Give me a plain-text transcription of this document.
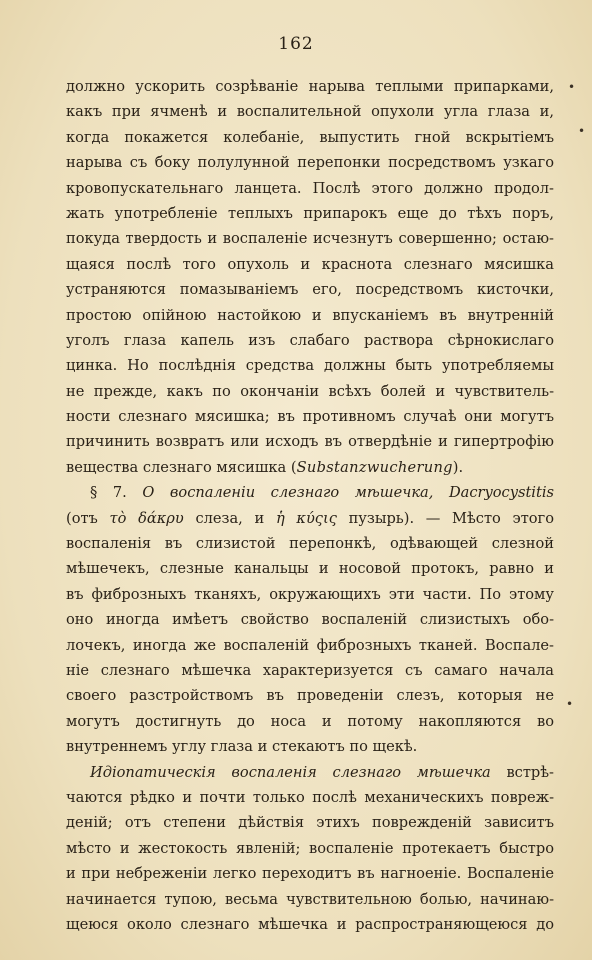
162
должно ускорить созрѣваніе нарыва теплыми припарками,
какъ при ячменѣ и воспалительной опухоли угла глаза и,
когда покажется колебаніе, выпустить гной вскрытіемъ
нарыва съ боку полулунной перепонки посредствомъ узкаго
кровопускательнаго ланцета. Послѣ этого должно продол-
жать употребленіе теплыхъ припарокъ еще до тѣхъ поръ,
покуда твердость и воспаленіе исчезнутъ совершенно; остаю-
щаяся послѣ того опухоль и краснота слезнаго мясишка
устраняются помазываніемъ его, посредствомъ кисточки,
простою опійною настойкою и впусканіемъ въ внутренній
уголъ глаза капель изъ слабаго раствора сѣрнокислаго
цинка. Но послѣднія средства должны быть употребляемы
не прежде, какъ по окончаніи всѣхъ болей и чувствитель-
ности слезнаго мясишка; въ противномъ случаѣ они могутъ
причинить возвратъ или исходъ въ отвердѣніе и гипертрофію
вещества слезнаго мясишка (Substanzwucherung).
§ 7. О воспаленіи слезнаго мѣшечка, Dacryocystitis
(отъ τὸ δάκρυ слеза, и ἡ κύςις пузырь). — Мѣсто этого
воспаленія въ слизистой перепонкѣ, одѣвающей слезной
мѣшечекъ, слезные канальцы и носовой протокъ, равно и
въ фиброзныхъ тканяхъ, окружающихъ эти части. По этому
оно иногда имѣетъ свойство воспаленій слизистыхъ обо-
лочекъ, иногда же воспаленій фиброзныхъ тканей. Воспале-
ніе слезнаго мѣшечка характеризуется съ самаго начала
своего разстройствомъ въ проведеніи слезъ, которыя не
могутъ достигнуть до носа и потому накопляются во
внутреннемъ углу глаза и стекаютъ по щекѣ.
Идіопатическія воспаленія слезнаго мѣшечка встрѣ-
чаются рѣдко и почти только послѣ механическихъ повреж-
деній; отъ степени дѣйствія этихъ поврежденій зависитъ
мѣсто и жестокость явленій; воспаленіе протекаетъ быстро
и при небреженіи легко переходитъ въ нагноеніе. Воспаленіе
начинается тупою, весьма чувствительною болью, начинаю-
щеюся около слезнаго мѣшечка и распространяющеюся до
•
•
•
